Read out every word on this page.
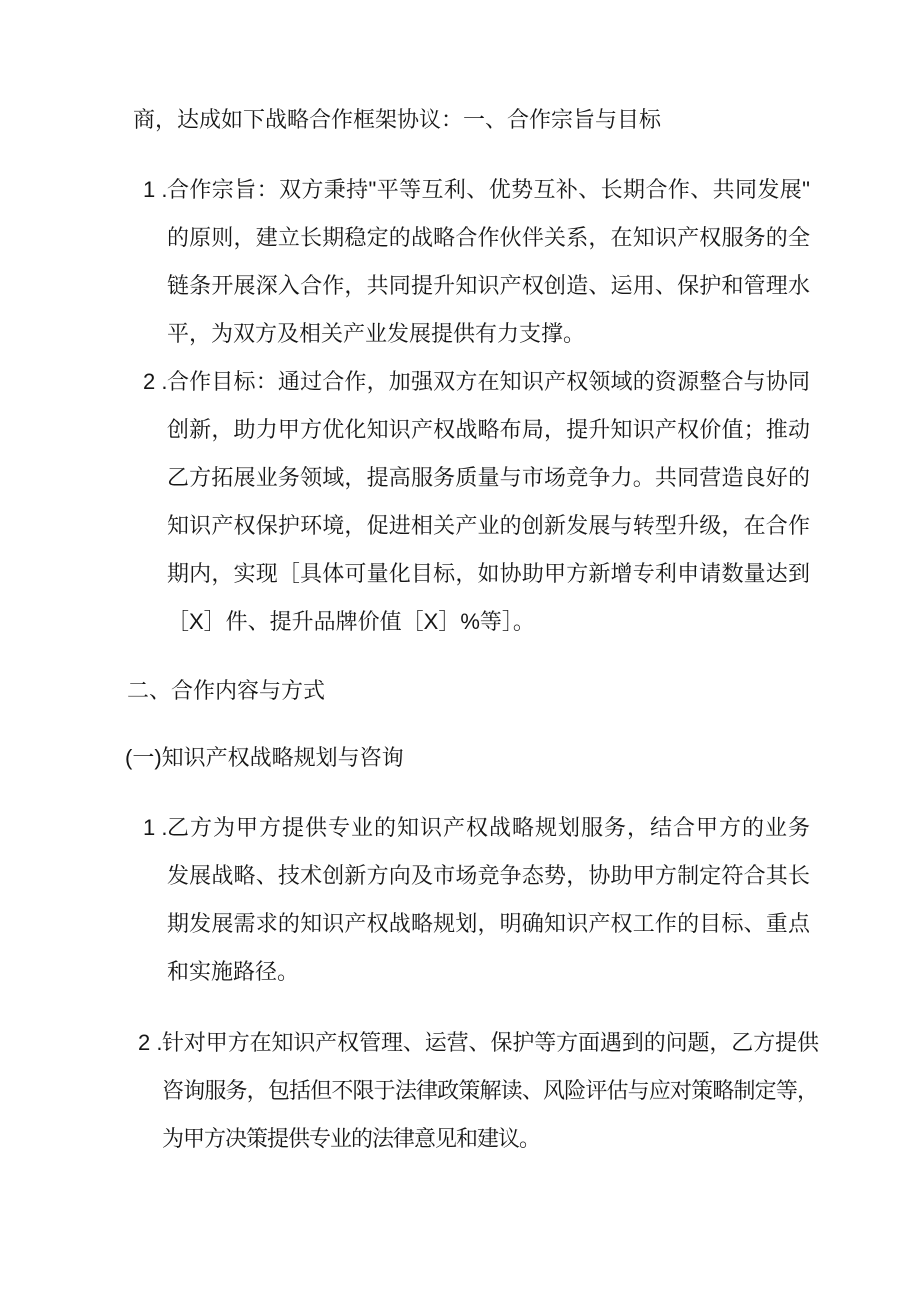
商，达成如下战略合作框架协议：一、合作宗旨与目标
1 . 合作宗旨：双方秉持"平等互利、优势互补、长期合作、共同发展"
的原则，建立长期稳定的战略合作伙伴关系，在知识产权服务的全
链条开展深入合作，共同提升知识产权创造、运用、保护和管理水
平，为双方及相关产业发展提供有力支撑。
2 . 合作目标：通过合作，加强双方在知识产权领域的资源整合与协同
创新，助力甲方优化知识产权战略布局，提升知识产权价值；推动
乙方拓展业务领域，提高服务质量与市场竞争力。共同营造良好的
知识产权保护环境，促进相关产业的创新发展与转型升级，在合作
期内，实现［具体可量化目标，如协助甲方新增专利申请数量达到
［X］件、提升品牌价值［X］%等］。
二、合作内容与方式
(一)知识产权战略规划与咨询
1 . 乙方为甲方提供专业的知识产权战略规划服务，结合甲方的业务
发展战略、技术创新方向及市场竞争态势，协助甲方制定符合其长
期发展需求的知识产权战略规划，明确知识产权工作的目标、重点
和实施路径。
2 . 针对甲方在知识产权管理、运营、保护等方面遇到的问题，乙方提供
咨询服务，包括但不限于法律政策解读、风险评估与应对策略制定等，
为甲方决策提供专业的法律意见和建议。
